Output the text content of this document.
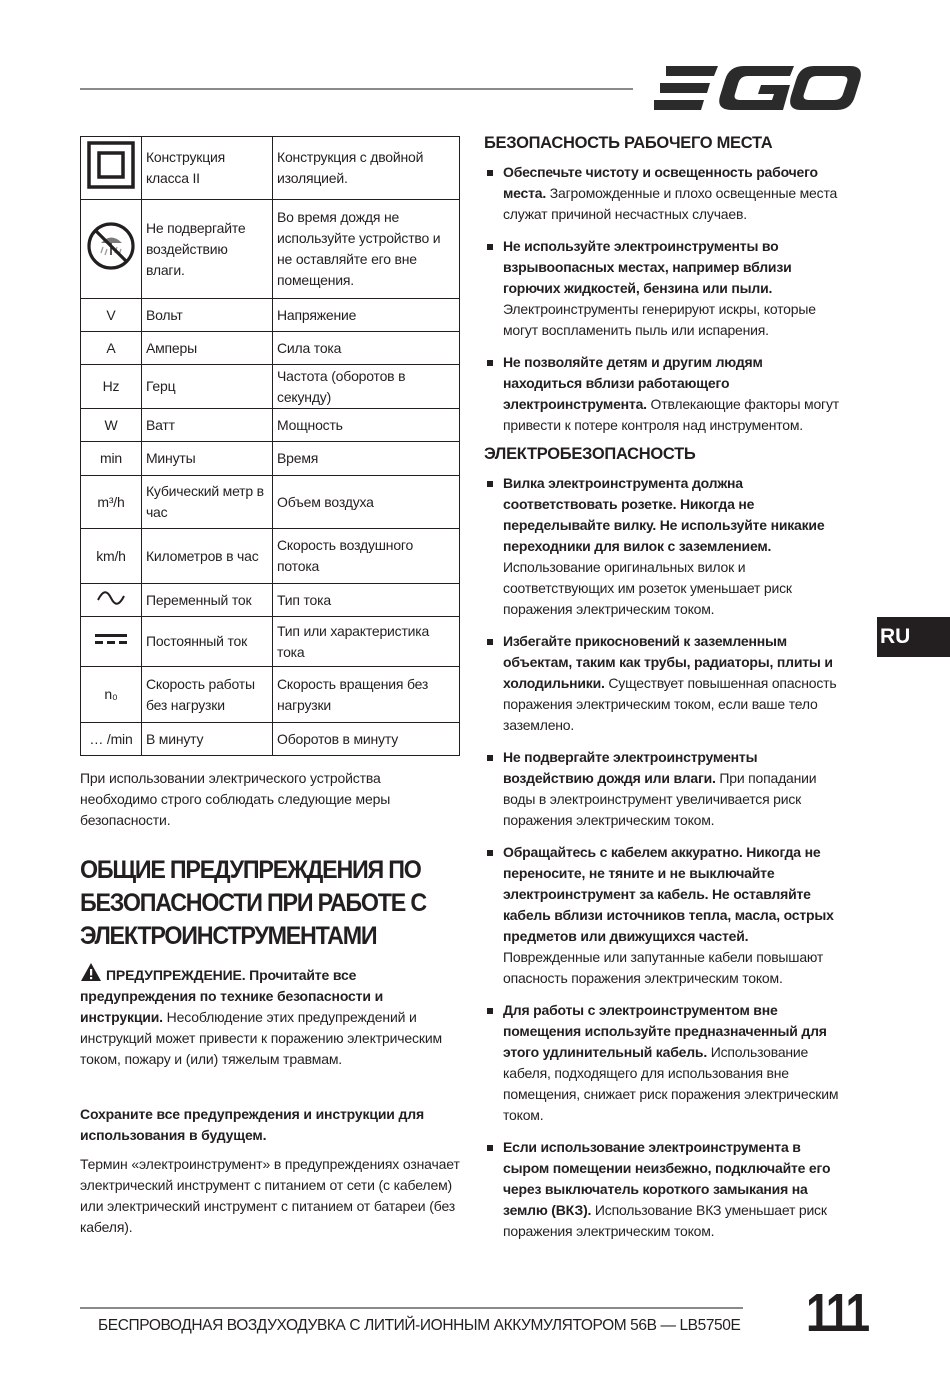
	Конструкция класса II	Конструкция с двойной изоляцией.
	Не подвергайте воздействию влаги.	Во время дождя не используйте устройство и не оставляйте его вне помещения.
V	Вольт	Напряжение
A	Амперы	Сила тока
Hz	Герц	Частота (оборотов в секунду)
W	Ватт	Мощность
min	Минуты	Время
m³/h	Кубический метр в час	Объем воздуха
km/h	Километров в час	Скорость воздушного потока
	Переменный ток	Тип тока
	Постоянный ток	Тип или характеристика тока
n₀	Скорость работы без нагрузки	Скорость вращения без нагрузки
… /min	В минуту	Оборотов в минуту
При использовании электрического устройства необходимо строго соблюдать следующие меры безопасности.
ОБЩИЕ ПРЕДУПРЕЖДЕНИЯ ПО БЕЗОПАСНОСТИ ПРИ РАБОТЕ С ЭЛЕКТРОИНСТРУМЕНТАМИ
ПРЕДУПРЕЖДЕНИЕ. Прочитайте все предупреждения по технике безопасности и инструкции. Несоблюдение этих предупреждений и инструкций может привести к поражению электрическим током, пожару и (или) тяжелым травмам.
Сохраните все предупреждения и инструкции для использования в будущем.
Термин «электроинструмент» в предупреждениях означает электрический инструмент с питанием от сети (с кабелем) или электрический инструмент с питанием от батареи (без кабеля).
БЕЗОПАСНОСТЬ РАБОЧЕГО МЕСТА
Обеспечьте чистоту и освещенность рабочего места. Загроможденные и плохо освещенные места служат причиной несчастных случаев.
Не используйте электроинструменты во взрывоопасных местах, например вблизи горючих жидкостей, бензина или пыли. Электроинструменты генерируют искры, которые могут воспламенить пыль или испарения.
Не позволяйте детям и другим людям находиться вблизи работающего электроинструмента. Отвлекающие факторы могут привести к потере контроля над инструментом.
ЭЛЕКТРОБЕЗОПАСНОСТЬ
Вилка электроинструмента должна соответствовать розетке. Никогда не переделывайте вилку. Не используйте никакие переходники для вилок с заземлением. Использование оригинальных вилок и соответствующих им розеток уменьшает риск поражения электрическим током.
Избегайте прикосновений к заземленным объектам, таким как трубы, радиаторы, плиты и холодильники. Существует повышенная опасность поражения электрическим током, если ваше тело заземлено.
Не подвергайте электроинструменты воздействию дождя или влаги. При попадании воды в электроинструмент увеличивается риск поражения электрическим током.
Обращайтесь с кабелем аккуратно. Никогда не переносите, не тяните и не выключайте электроинструмент за кабель. Не оставляйте кабель вблизи источников тепла, масла, острых предметов или движущихся частей. Поврежденные или запутанные кабели повышают опасность поражения электрическим током.
Для работы с электроинструментом вне помещения используйте предназначенный для этого удлинительный кабель. Использование кабеля, подходящего для использования вне помещения, снижает риск поражения электрическим током.
Если использование электроинструмента в сыром помещении неизбежно, подключайте его через выключатель короткого замыкания на землю (ВКЗ). Использование ВКЗ уменьшает риск поражения электрическим током.
RU
БЕСПРОВОДНАЯ ВОЗДУХОДУВКА С ЛИТИЙ-ИОННЫМ АККУМУЛЯТОРОМ 56В — LB5750E 111
